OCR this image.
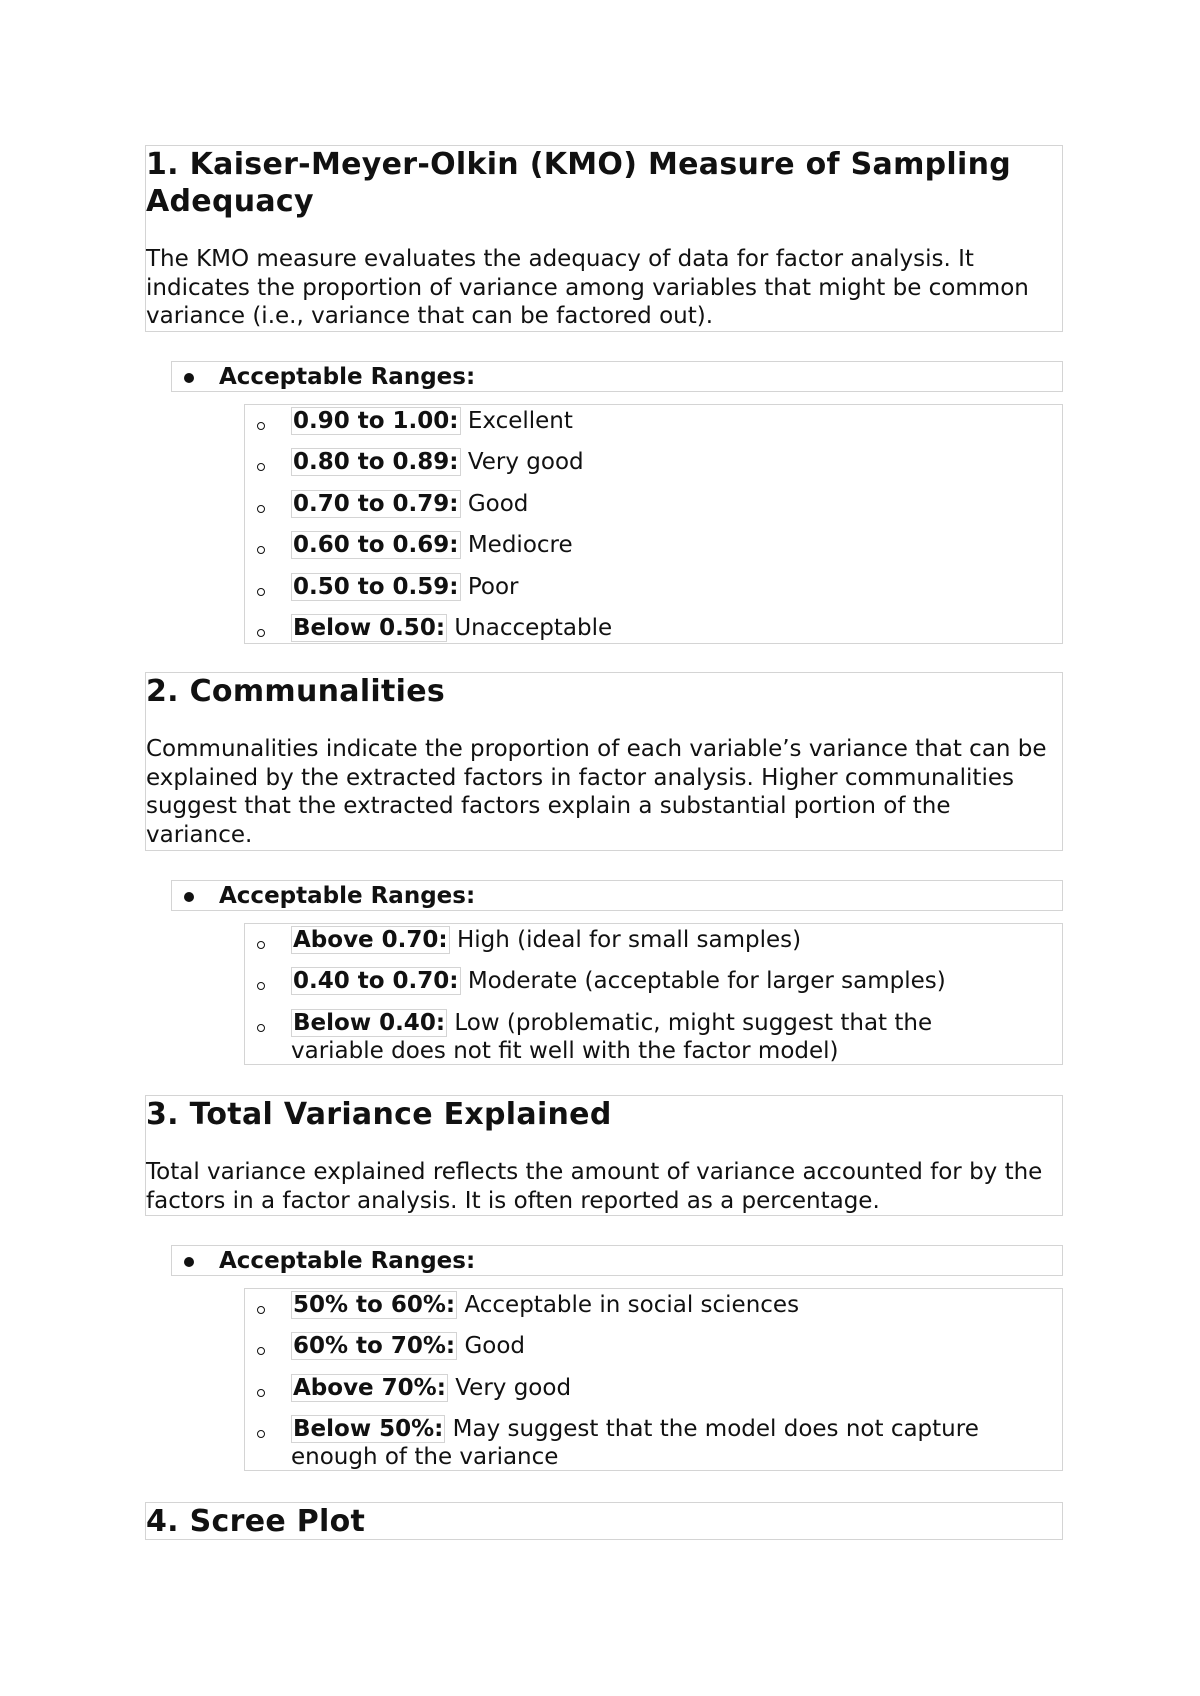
1. Kaiser-Meyer-Olkin (KMO) Measure of Sampling Adequacy

The KMO measure evaluates the adequacy of data for factor analysis. It indicates the proportion of variance among variables that might be common variance (i.e., variance that can be factored out).

Acceptable Ranges:
0.90 to 1.00: Excellent
0.80 to 0.89: Very good
0.70 to 0.79: Good
0.60 to 0.69: Mediocre
0.50 to 0.59: Poor
Below 0.50: Unacceptable
2. Communalities

Communalities indicate the proportion of each variable’s variance that can be explained by the extracted factors in factor analysis. Higher communalities suggest that the extracted factors explain a substantial portion of the variance.

Acceptable Ranges:
Above 0.70: High (ideal for small samples)
0.40 to 0.70: Moderate (acceptable for larger samples)
Below 0.40: Low (problematic, might suggest that the variable does not fit well with the factor model)
3. Total Variance Explained

Total variance explained reflects the amount of variance accounted for by the factors in a factor analysis. It is often reported as a percentage.

Acceptable Ranges:
50% to 60%: Acceptable in social sciences
60% to 70%: Good
Above 70%: Very good
Below 50%: May suggest that the model does not capture enough of the variance
4. Scree Plot
